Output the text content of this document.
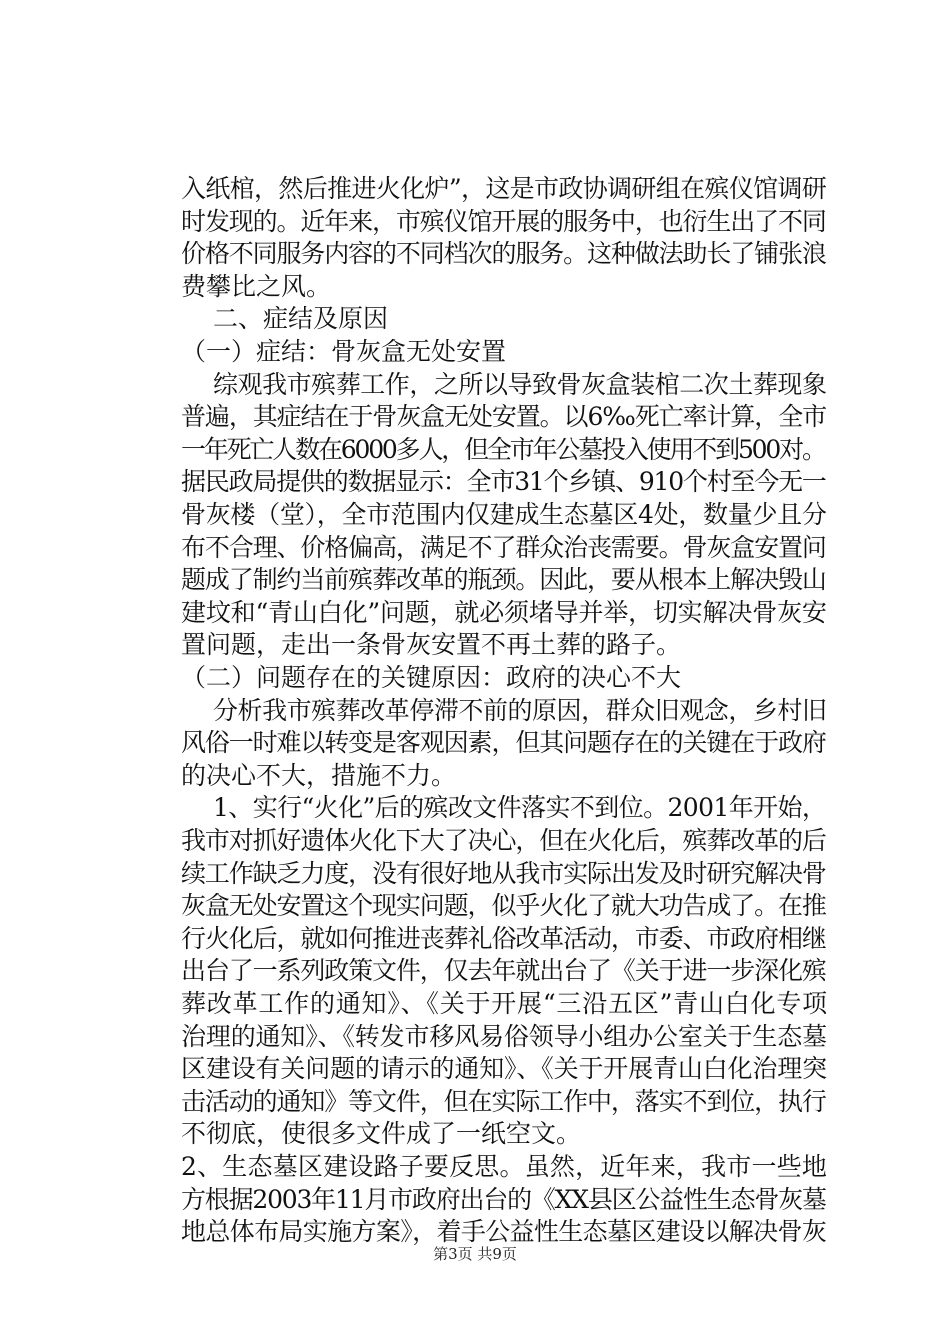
入纸棺，然后推进火化炉”，这是市政协调研组在殡仪馆调研
时发现的。近年来，市殡仪馆开展的服务中，也衍生出了不同
价格不同服务内容的不同档次的服务。这种做法助长了铺张浪
费攀比之风。
二、症结及原因
（一）症结：骨灰盒无处安置
综观我市殡葬工作，之所以导致骨灰盒装棺二次土葬现象
普遍，其症结在于骨灰盒无处安置。以6‰死亡率计算，全市
一年死亡人数在6000多人，但全市年公墓投入使用不到500对。
据民政局提供的数据显示：全市31个乡镇、910个村至今无一
骨灰楼（堂），全市范围内仅建成生态墓区4处，数量少且分
布不合理、价格偏高，满足不了群众治丧需要。骨灰盒安置问
题成了制约当前殡葬改革的瓶颈。因此，要从根本上解决毁山
建坟和“青山白化”问题，就必须堵导并举，切实解决骨灰安
置问题，走出一条骨灰安置不再土葬的路子。
（二）问题存在的关键原因：政府的决心不大
分析我市殡葬改革停滞不前的原因，群众旧观念，乡村旧
风俗一时难以转变是客观因素，但其问题存在的关键在于政府
的决心不大，措施不力。
1、实行“火化”后的殡改文件落实不到位。2001年开始，
我市对抓好遗体火化下大了决心，但在火化后，殡葬改革的后
续工作缺乏力度，没有很好地从我市实际出发及时研究解决骨
灰盒无处安置这个现实问题，似乎火化了就大功告成了。在推
行火化后，就如何推进丧葬礼俗改革活动，市委、市政府相继
出台了一系列政策文件，仅去年就出台了《关于进一步深化殡
葬改革工作的通知》、《关于开展“三沿五区”青山白化专项
治理的通知》、《转发市移风易俗领导小组办公室关于生态墓
区建设有关问题的请示的通知》、《关于开展青山白化治理突
击活动的通知》等文件，但在实际工作中，落实不到位，执行
不彻底，使很多文件成了一纸空文。
2、生态墓区建设路子要反思。虽然，近年来，我市一些地
方根据2003年11月市政府出台的《XX县区公益性生态骨灰墓
地总体布局实施方案》，着手公益性生态墓区建设以解决骨灰
第3页 共9页
